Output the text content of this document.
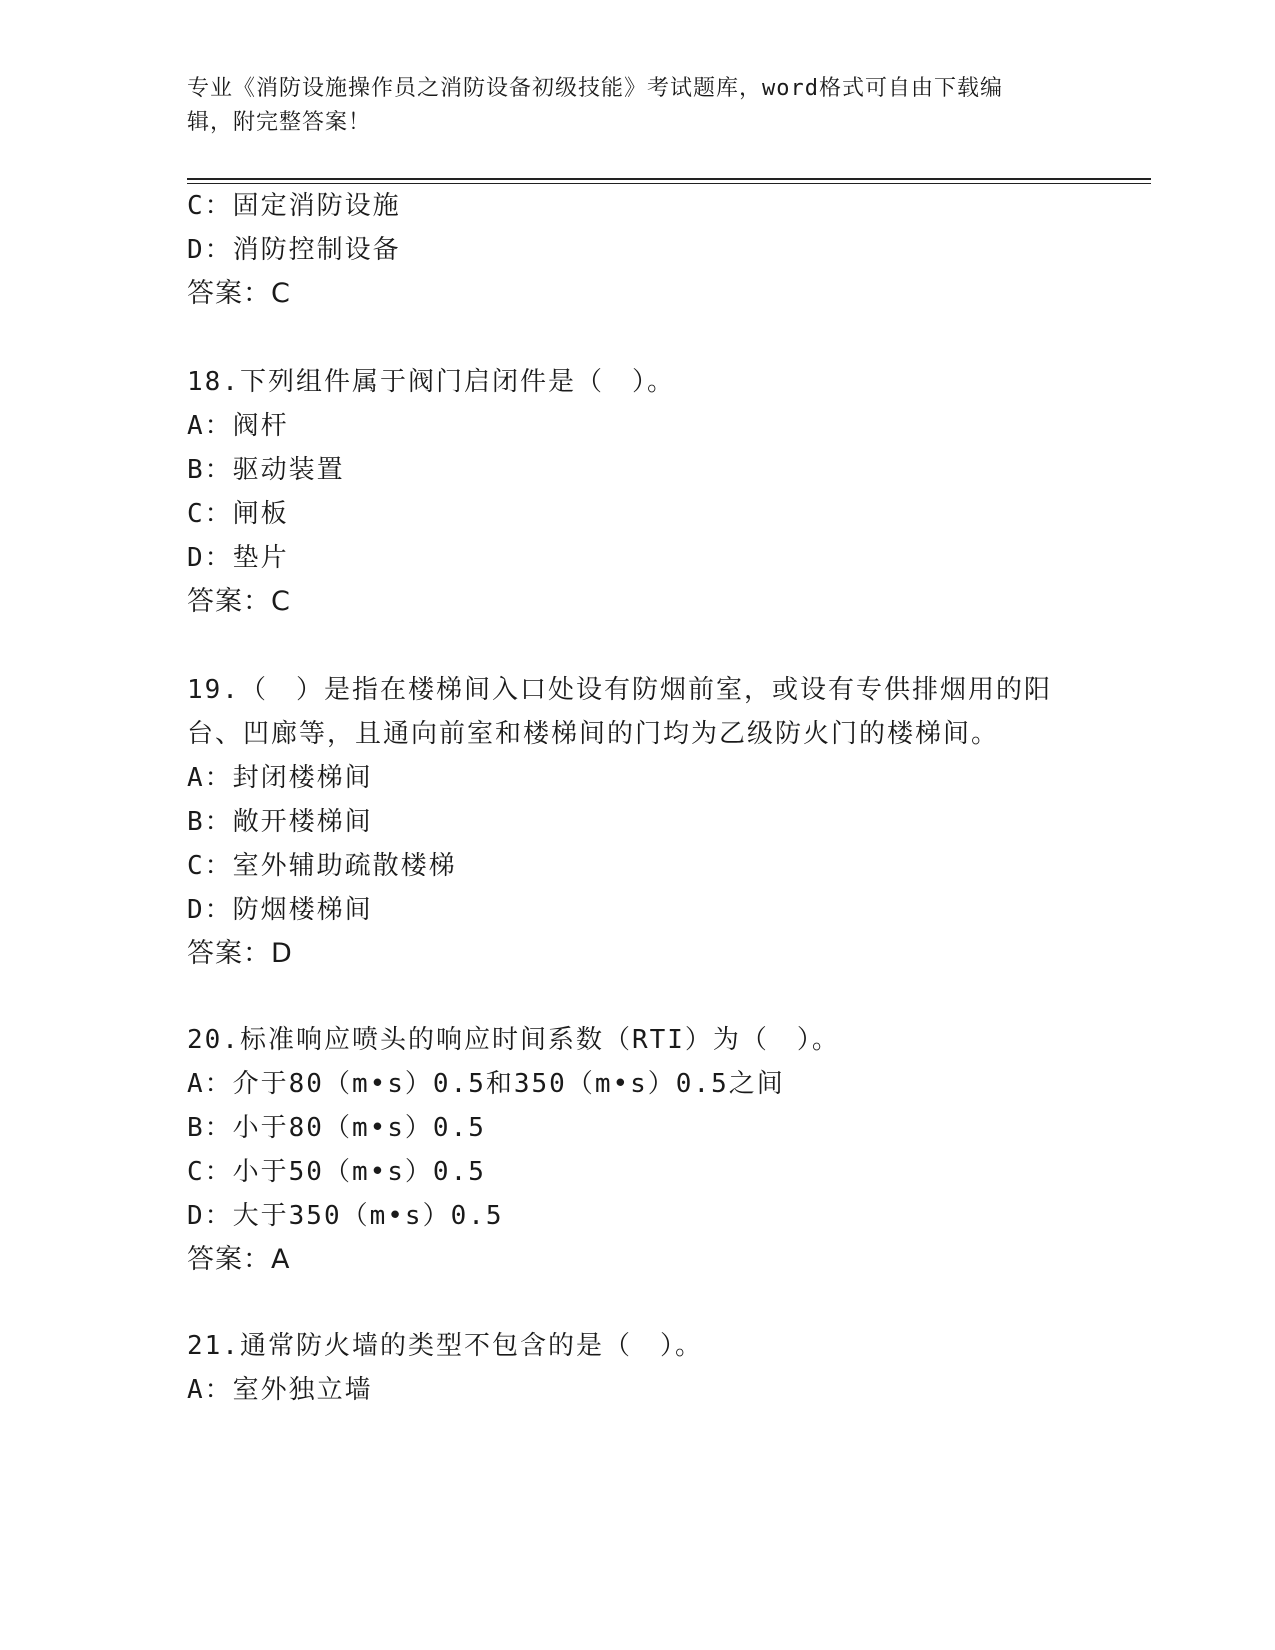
专业《消防设施操作员之消防设备初级技能》考试题库，word格式可自由下载编
辑，附完整答案！
C：固定消防设施
D：消防控制设备
答案：C
18.下列组件属于阀门启闭件是（　）。
A：阀杆
B：驱动装置
C：闸板
D：垫片
答案：C
19.（　）是指在楼梯间入口处设有防烟前室，或设有专供排烟用的阳
台、凹廊等，且通向前室和楼梯间的门均为乙级防火门的楼梯间。
A：封闭楼梯间
B：敞开楼梯间
C：室外辅助疏散楼梯
D：防烟楼梯间
答案：D
20.标准响应喷头的响应时间系数（RTI）为（　）。
A：介于80（m•s）0.5和350（m•s）0.5之间
B：小于80（m•s）0.5
C：小于50（m•s）0.5
D：大于350（m•s）0.5
答案：A
21.通常防火墙的类型不包含的是（　）。
A：室外独立墙
